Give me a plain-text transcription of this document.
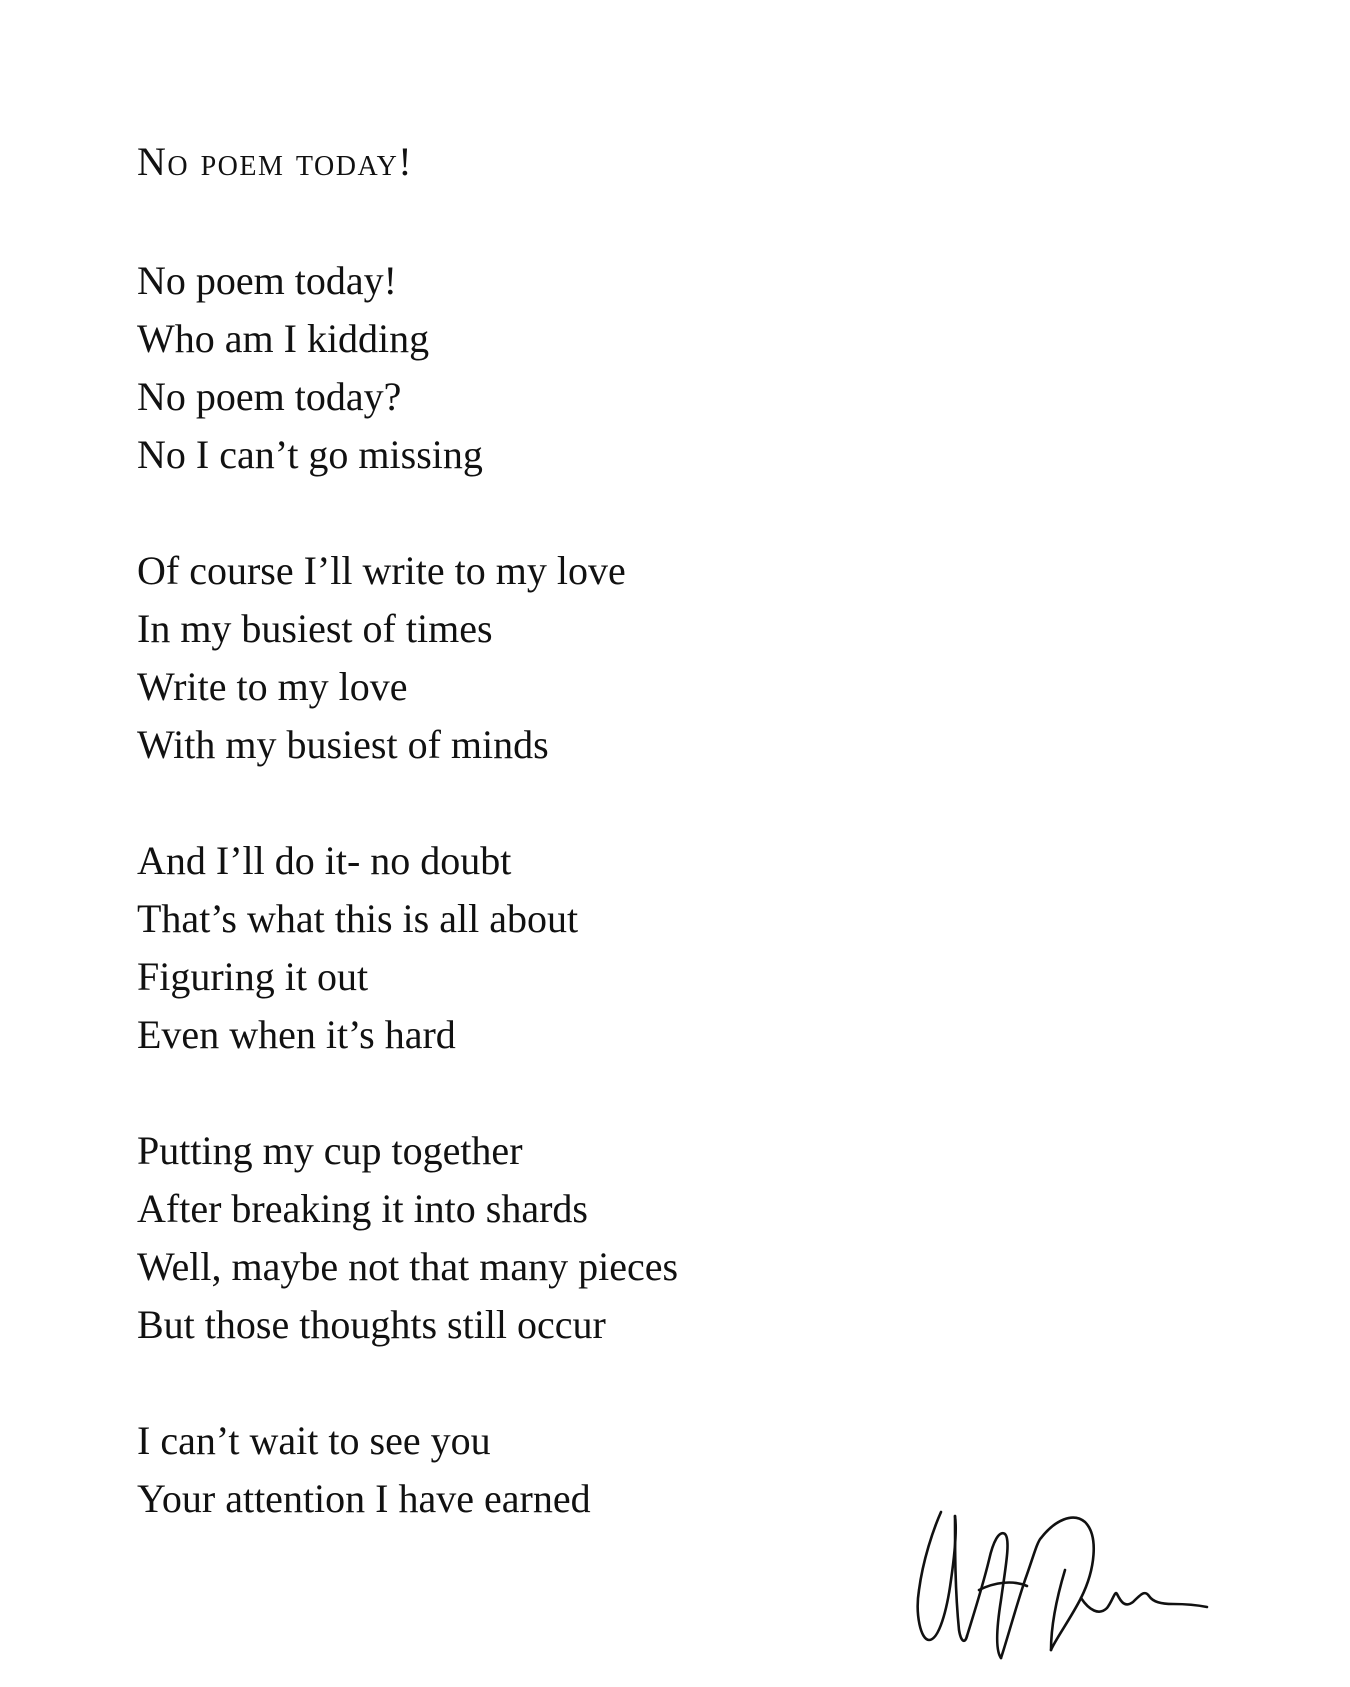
No poem today!
No poem today!
Who am I kidding
No poem today?
No I can’t go missing
Of course I’ll write to my love
In my busiest of times
Write to my love
With my busiest of minds
And I’ll do it- no doubt
That’s what this is all about
Figuring it out
Even when it’s hard
Putting my cup together
After breaking it into shards
Well, maybe not that many pieces
But those thoughts still occur
I can’t wait to see you
Your attention I have earned
